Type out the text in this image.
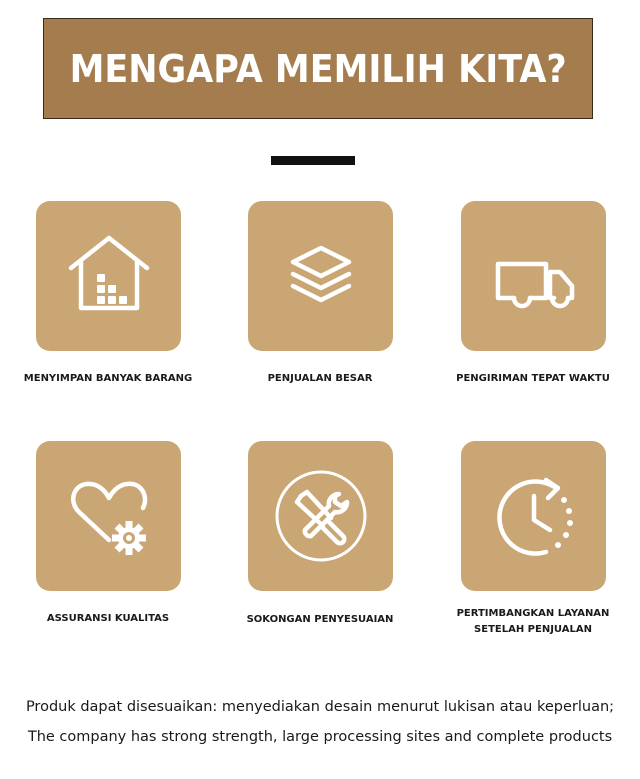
MENGAPA MEMILIH KITA?
MENYIMPAN BANYAK BARANG	PENJUALAN BESAR	PENGIRIMAN TEPAT WAKTU
ASSURANSI KUALITAS	SOKONGAN PENYESUAIAN
PERTIMBANGKAN LAYANAN
SETELAH PENJUALAN
Produk dapat disesuaikan: menyediakan desain menurut lukisan atau keperluan;
The company has strong strength, large processing sites and complete products
